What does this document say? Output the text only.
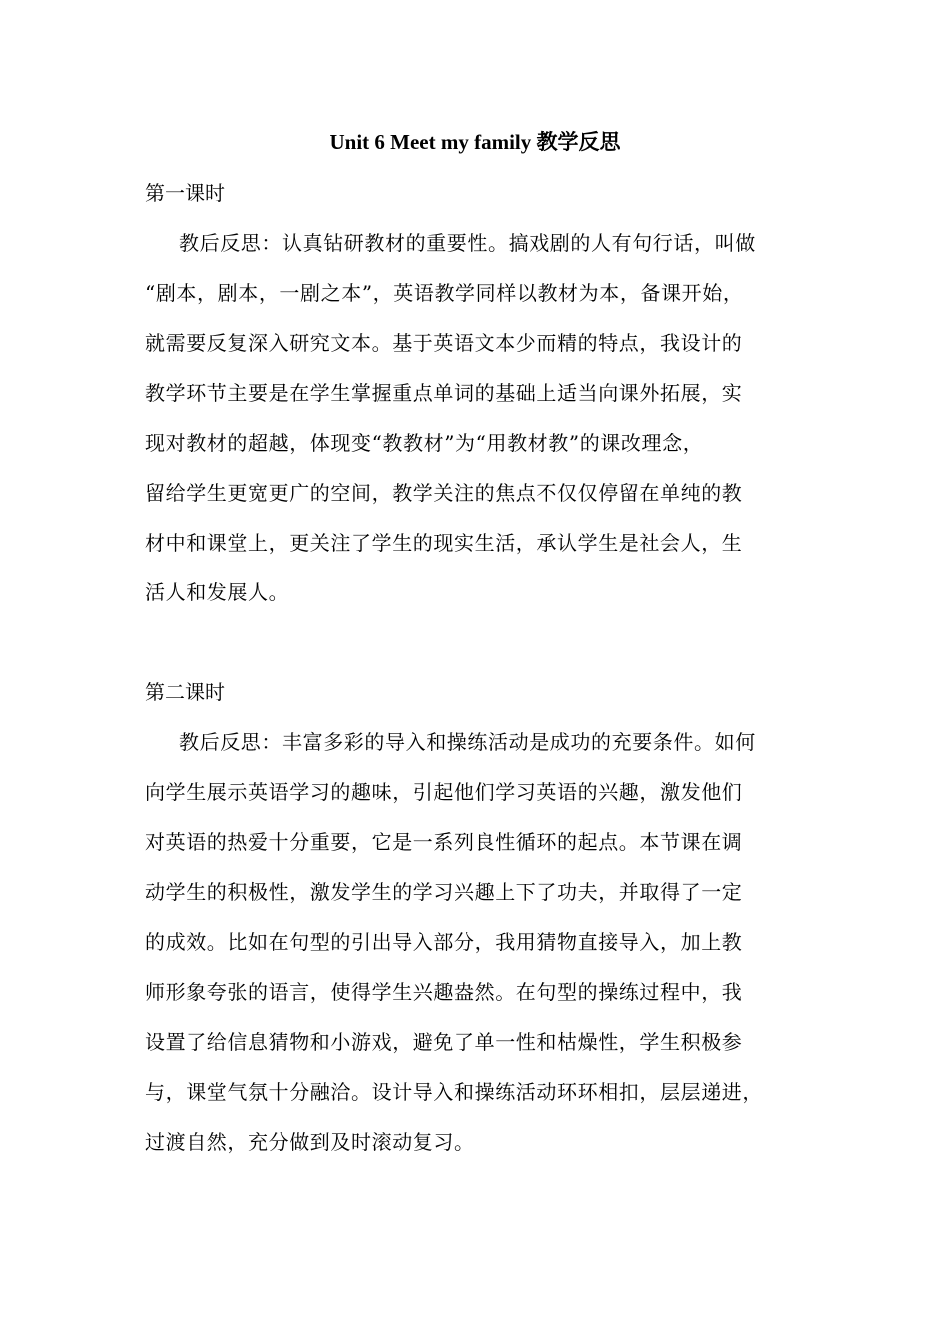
Unit 6 Meet my family 教学反思
第一课时

教后反思：认真钻研教材的重要性。搞戏剧的人有句行话，叫做

“剧本，剧本，一剧之本”，英语教学同样以教材为本，备课开始，

就需要反复深入研究文本。基于英语文本少而精的特点，我设计的

教学环节主要是在学生掌握重点单词的基础上适当向课外拓展，实

现对教材的超越，体现变“教教材”为“用教材教”的课改理念，

留给学生更宽更广的空间，教学关注的焦点不仅仅停留在单纯的教

材中和课堂上，更关注了学生的现实生活，承认学生是社会人，生

活人和发展人。

第二课时

教后反思：丰富多彩的导入和操练活动是成功的充要条件。如何

向学生展示英语学习的趣味，引起他们学习英语的兴趣，激发他们

对英语的热爱十分重要，它是一系列良性循环的起点。本节课在调

动学生的积极性，激发学生的学习兴趣上下了功夫，并取得了一定

的成效。比如在句型的引出导入部分，我用猜物直接导入，加上教

师形象夸张的语言，使得学生兴趣盎然。在句型的操练过程中，我

设置了给信息猜物和小游戏，避免了单一性和枯燥性，学生积极参

与，课堂气氛十分融洽。设计导入和操练活动环环相扣，层层递进，

过渡自然，充分做到及时滚动复习。
